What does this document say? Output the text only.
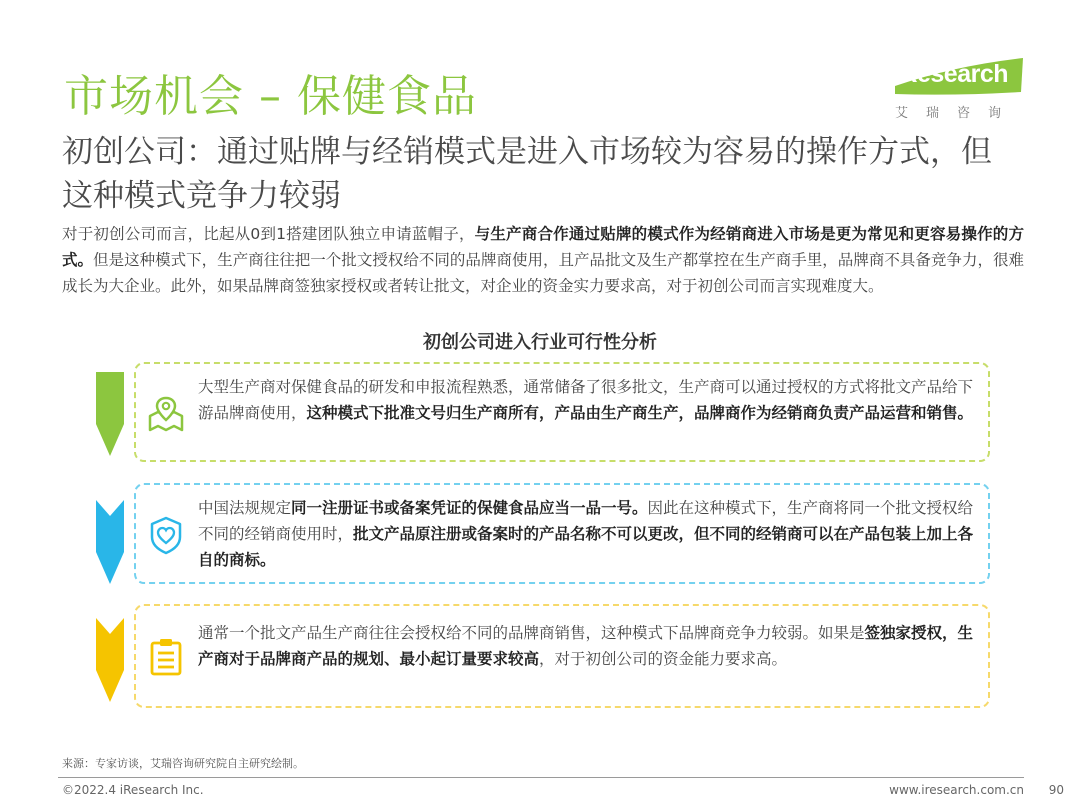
市场机会 – 保健食品	iResearch
艾瑞咨询
初创公司：通过贴牌与经销模式是进入市场较为容易的操作方式，但这种模式竞争力较弱
对于初创公司而言，比起从0到1搭建团队独立申请蓝帽子，与生产商合作通过贴牌的模式作为经销商进入市场是更为常见和更容易操作的方式。但是这种模式下，生产商往往把一个批文授权给不同的品牌商使用，且产品批文及生产都掌控在生产商手里，品牌商不具备竞争力，很难成长为大企业。此外，如果品牌商签独家授权或者转让批文，对企业的资金实力要求高，对于初创公司而言实现难度大。
初创公司进入行业可行性分析
大型生产商对保健食品的研发和申报流程熟悉，通常储备了很多批文，生产商可以通过授权的方式将批文产品给下游品牌商使用，这种模式下批准文号归生产商所有，产品由生产商生产，品牌商作为经销商负责产品运营和销售。
中国法规规定同一注册证书或备案凭证的保健食品应当一品一号。因此在这种模式下，生产商将同一个批文授权给不同的经销商使用时，批文产品原注册或备案时的产品名称不可以更改，但不同的经销商可以在产品包装上加上各自的商标。
通常一个批文产品生产商往往会授权给不同的品牌商销售，这种模式下品牌商竞争力较弱。如果是签独家授权，生产商对于品牌商产品的规划、最小起订量要求较高，对于初创公司的资金能力要求高。
来源：专家访谈，艾瑞咨询研究院自主研究绘制。
©2022.4 iResearch Inc.	www.iresearch.com.cn 90
